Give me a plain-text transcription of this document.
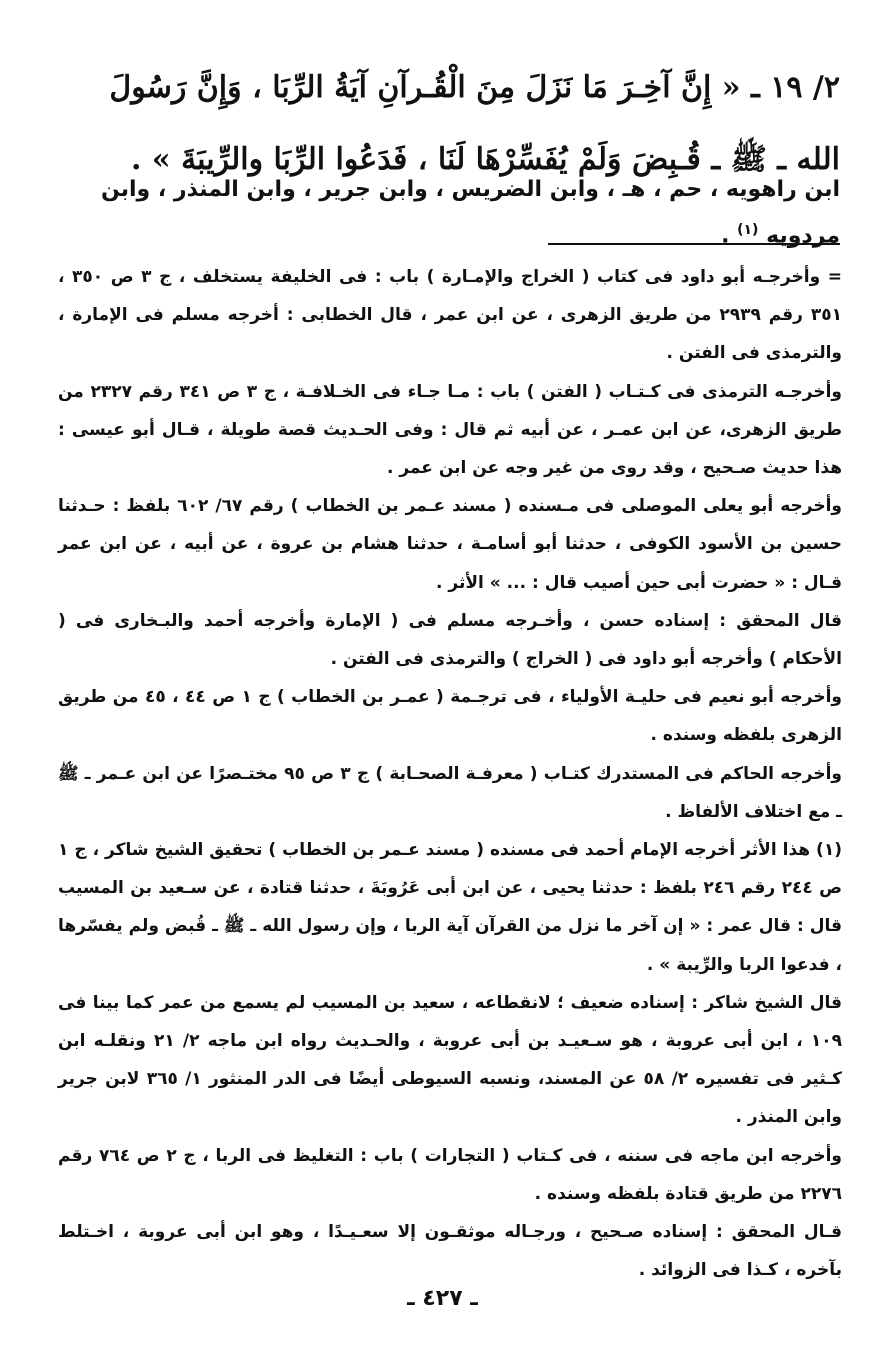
٢/ ١٩ ـ « إِنَّ آخِـرَ مَا نَزَلَ مِنَ الْقُـرآنِ آيَةُ الرِّبَا ، وَإِنَّ رَسُولَ الله ـ ﷺ ـ قُـبِضَ وَلَمْ يُفَسِّرْهَا لَنَا ، فَدَعُوا الرِّبَا والرِّيبَةَ » .

ابن راهويه ، حم ، هـ ، وابن الضريس ، وابن جرير ، وابن المنذر ، وابن مردويه $^{(١)}$ .

= وأخرجـه أبو داود فى كتاب ( الخراج والإمـارة ) باب : فى الخليفة يستخلف ، ج ٣ ص ٣٥٠ ، ٣٥١ رقم ٢٩٣٩ من طريق الزهرى ، عن ابن عمر ، قال الخطابى : أخرجه مسلم فى الإمارة ، والترمذى فى الفتن .

وأخرجـه الترمذى فى كـتـاب ( الفتن ) باب : مـا جـاء فى الخـلافـة ، ج ٣ ص ٣٤١ رقم ٢٣٢٧ من طريق الزهرى، عن ابن عمـر ، عن أبيه ثم قال : وفى الحـديث قصة طويلة ، قـال أبو عيسى : هذا حديث صـحيح ، وقد روى من غير وجه عن ابن عمر .

وأخرجه أبو يعلى الموصلى فى مـسنده ( مسند عـمر بن الخطاب ) رقم ٦٧/ ٦٠٢ بلفظ : حـدثنا حسين بن الأسود الكوفى ، حدثنا أبو أسامـة ، حدثنا هشام بن عروة ، عن أبيه ، عن ابن عمر قـال : « حضرت أبى حين أصيب قال : ... » الأثر .

قال المحقق : إسناده حسن ، وأخـرجه مسلم فى ( الإمارة وأخرجه أحمد والبـخارى فى ( الأحكام ) وأخرجه أبو داود فى ( الخراج ) والترمذى فى الفتن .

وأخرجه أبو نعيم فى حليـة الأولياء ، فى ترجـمة ( عمـر بن الخطاب ) ج ١ ص ٤٤ ، ٤٥ من طريق الزهرى بلفظه وسنده .

وأخرجه الحاكم فى المستدرك كتـاب ( معرفـة الصحـابة ) ج ٣ ص ٩٥ مختـصرًا عن ابن عـمر ـ ﷺ ـ مع اختلاف الألفاظ .

(١) هذا الأثر أخرجه الإمام أحمد فى مسنده ( مسند عـمر بن الخطاب ) تحقيق الشيخ شاكر ، ج ١ ص ٢٤٤ رقم ٢٤٦ بلفظ : حدثنا يحيى ، عن ابن أبى عَرُوبَةَ ، حدثنا قتادة ، عن سـعيد بن المسيب قال : قال عمر : « إن آخر ما نزل من القرآن آية الربا ، وإن رسول الله ـ ﷺ ـ قُبض ولم يفسّرها ، فدعوا الربا والرِّيبة » .

قال الشيخ شاكر : إسناده ضعيف ؛ لانقطاعه ، سعيد بن المسيب لم يسمع من عمر كما بينا فى ١٠٩ ، ابن أبى عروبة ، هو سـعيـد بن أبى عروبة ، والحـديث رواه ابن ماجه ٢/ ٢١ ونقلـه ابن كـثير فى تفسيره ٢/ ٥٨ عن المسند، ونسبه السيوطى أيضًا فى الدر المنثور ١/ ٣٦٥ لابن جرير وابن المنذر .

وأخرجه ابن ماجه فى سننه ، فى كـتاب ( التجارات ) باب : التغليظ فى الربا ، ج ٢ ص ٧٦٤ رقم ٢٢٧٦ من طريق قتادة بلفظه وسنده .

قـال المحقق : إسناده صـحيح ، ورجـاله موثقـون إلا سعـيـدًا ، وهو ابن أبى عروبة ، اخـتلط بآخره ، كـذا فى الزوائد .

ـ ٤٢٧ ـ
